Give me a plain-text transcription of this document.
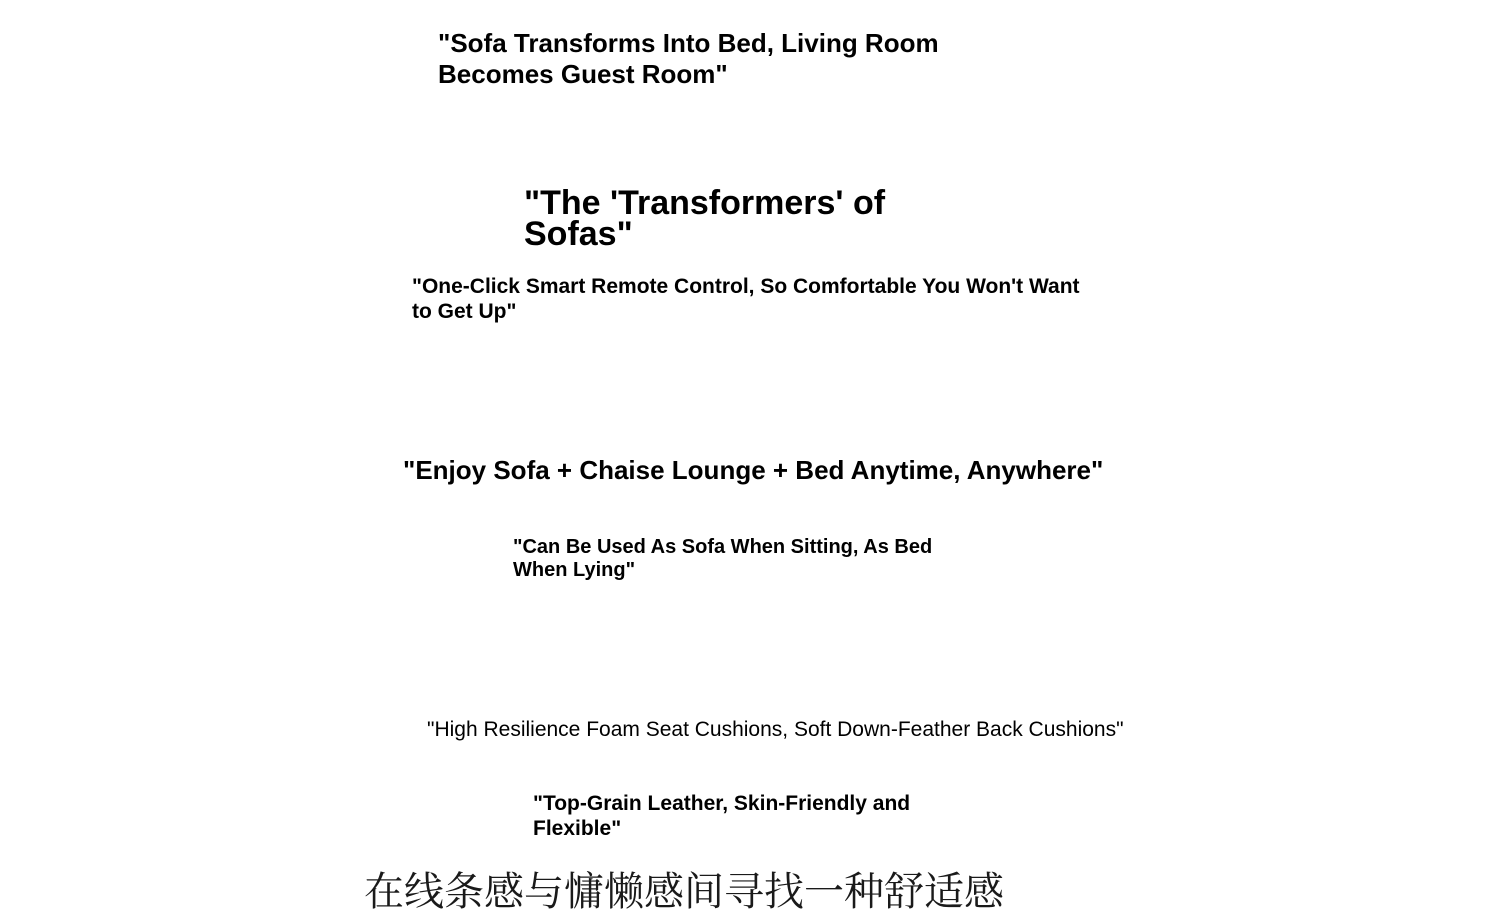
"Sofa Transforms Into Bed, Living Room Becomes Guest Room"

"The 'Transformers' of Sofas"

"One-Click Smart Remote Control, So Comfortable You Won't Want to Get Up"

"Enjoy Sofa + Chaise Lounge + Bed Anytime, Anywhere"

"Can Be Used As Sofa When Sitting, As Bed When Lying"

"High Resilience Foam Seat Cushions, Soft Down-Feather Back Cushions"

"Top-Grain Leather, Skin-Friendly and Flexible"

在线条感与慵懒感间寻找一种舒适感
